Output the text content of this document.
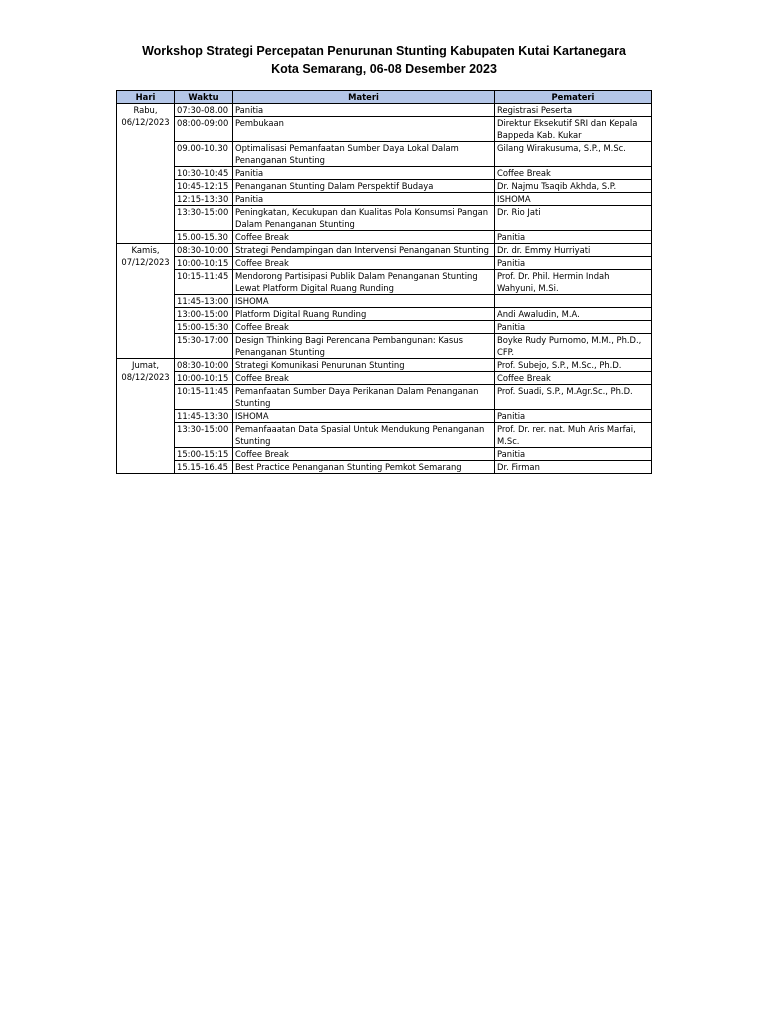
Workshop Strategi Percepatan Penurunan Stunting Kabupaten Kutai Kartanegara
Kota Semarang, 06-08 Desember 2023
Hari	Waktu	Materi	Pemateri

Rabu,
06/12/2023	07:30-08.00	Panitia	Registrasi Peserta
	08:00-09:00	Pembukaan	Direktur Eksekutif SRI dan Kepala Bappeda Kab. Kukar
	09.00-10.30	Optimalisasi Pemanfaatan Sumber Daya Lokal Dalam Penanganan Stunting	Gilang Wirakusuma, S.P., M.Sc.
	10:30-10:45	Panitia	Coffee Break
	10:45-12:15	Penanganan Stunting Dalam Perspektif Budaya	Dr. Najmu Tsaqib Akhda, S.P.
	12:15-13:30	Panitia	ISHOMA
	13:30-15:00	Peningkatan, Kecukupan dan Kualitas Pola Konsumsi Pangan Dalam Penanganan Stunting	Dr. Rio Jati
	15.00-15.30	Coffee Break	Panitia

Kamis,
07/12/2023	08:30-10:00	Strategi Pendampingan dan Intervensi Penanganan Stunting	Dr. dr. Emmy Hurriyati
	10:00-10:15	Coffee Break	Panitia
	10:15-11:45	Mendorong Partisipasi Publik Dalam Penanganan Stunting Lewat Platform Digital Ruang Runding	Prof. Dr. Phil. Hermin Indah Wahyuni, M.Si.
	11:45-13:00	ISHOMA	
	13:00-15:00	Platform Digital Ruang Runding	Andi Awaludin, M.A.
	15:00-15:30	Coffee Break	Panitia
	15:30-17:00	Design Thinking Bagi Perencana Pembangunan: Kasus Penanganan Stunting	Boyke Rudy Purnomo, M.M., Ph.D., CFP.

Jumat,
08/12/2023	08:30-10:00	Strategi Komunikasi Penurunan Stunting	Prof. Subejo, S.P., M.Sc., Ph.D.
	10:00-10:15	Coffee Break	Coffee Break
	10:15-11:45	Pemanfaatan Sumber Daya Perikanan Dalam Penanganan Stunting	Prof. Suadi, S.P., M.Agr.Sc., Ph.D.
	11:45-13:30	ISHOMA	Panitia
	13:30-15:00	Pemanfaaatan Data Spasial Untuk Mendukung Penanganan Stunting	Prof. Dr. rer. nat. Muh Aris Marfai, M.Sc.
	15:00-15:15	Coffee Break	Panitia
	15.15-16.45	Best Practice Penanganan Stunting Pemkot Semarang	Dr. Firman
